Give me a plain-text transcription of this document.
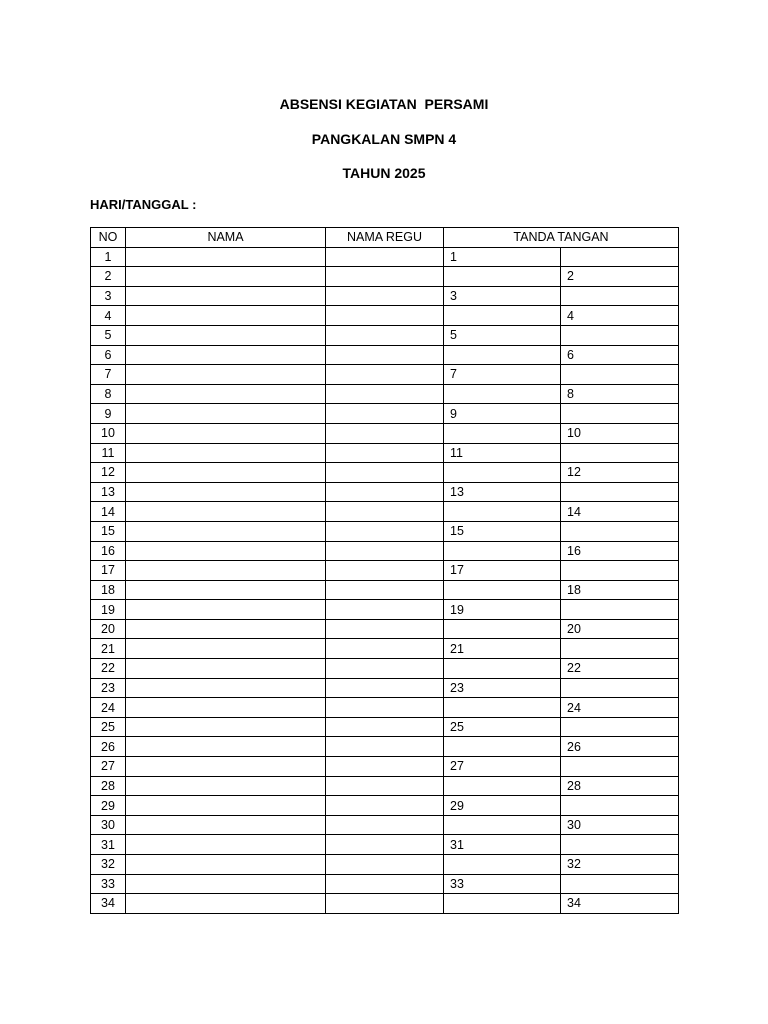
ABSENSI KEGIATAN  PERSAMI
PANGKALAN SMPN 4
TAHUN 2025
HARI/TANGGAL :
NO	NAMA	NAMA REGU	TANDA TANGAN	
1			1	
2				2
3			3	
4				4
5			5	
6				6
7			7	
8				8
9			9	
10				10
11			11	
12				12
13			13	
14				14
15			15	
16				16
17			17	
18				18
19			19	
20				20
21			21	
22				22
23			23	
24				24
25			25	
26				26
27			27	
28				28
29			29	
30				30
31			31	
32				32
33			33	
34				34
